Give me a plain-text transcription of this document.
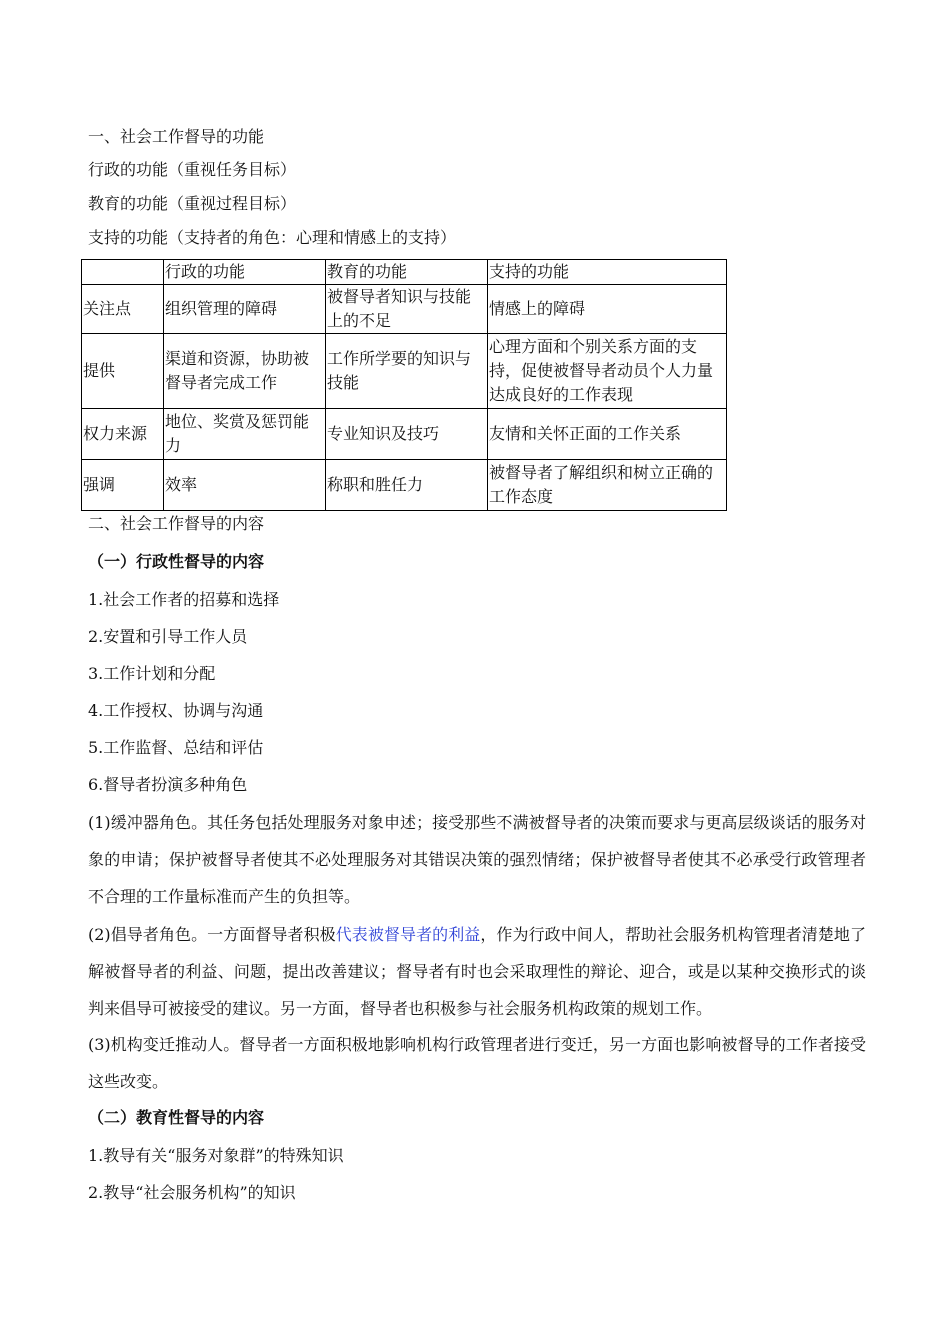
一、社会工作督导的功能
行政的功能（重视任务目标）
教育的功能（重视过程目标）
支持的功能（支持者的角色：心理和情感上的支持）
	行政的功能	教育的功能	支持的功能
关注点	组织管理的障碍	被督导者知识与技能上的不足	情感上的障碍
提供	渠道和资源，协助被督导者完成工作	工作所学要的知识与技能	心理方面和个别关系方面的支持，促使被督导者动员个人力量达成良好的工作表现
权力来源	地位、奖赏及惩罚能力	专业知识及技巧	友情和关怀正面的工作关系
强调	效率	称职和胜任力	被督导者了解组织和树立正确的工作态度
二、社会工作督导的内容
（一）行政性督导的内容
1.社会工作者的招募和选择
2.安置和引导工作人员
3.工作计划和分配
4.工作授权、协调与沟通
5.工作监督、总结和评估
6.督导者扮演多种角色
(1)缓冲器角色。其任务包括处理服务对象申述；接受那些不满被督导者的决策而要求与更高层级谈话的服务对象的申请；保护被督导者使其不必处理服务对其错误决策的强烈情绪；保护被督导者使其不必承受行政管理者不合理的工作量标准而产生的负担等。
(2)倡导者角色。一方面督导者积极代表被督导者的利益，作为行政中间人，帮助社会服务机构管理者清楚地了解被督导者的利益、问题，提出改善建议；督导者有时也会采取理性的辩论、迎合，或是以某种交换形式的谈判来倡导可被接受的建议。另一方面，督导者也积极参与社会服务机构政策的规划工作。
(3)机构变迁推动人。督导者一方面积极地影响机构行政管理者进行变迁，另一方面也影响被督导的工作者接受这些改变。
（二）教育性督导的内容
1.教导有关“服务对象群”的特殊知识
2.教导“社会服务机构”的知识
